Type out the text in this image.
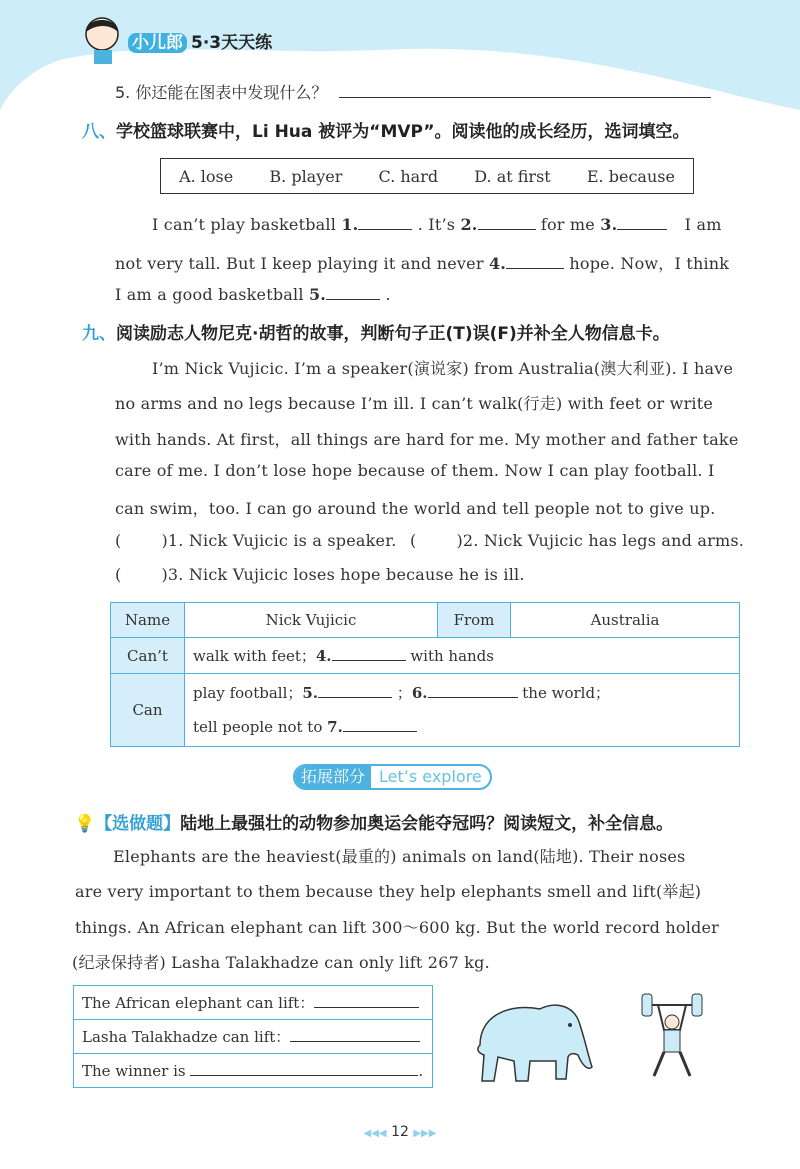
小儿郎 5·3天天练
5. 你还能在图表中发现什么？
八、学校篮球联赛中，Li Hua 被评为“MVP”。阅读他的成长经历，选词填空。
A. lose B. player C. hard D. at first E. because
I can’t play basketball 1.	. It’s 2.	for me 3.	I am
not very tall. But I keep playing it and never 4.	hope. Now，I think
I am a good basketball 5.	.
九、阅读励志人物尼克·胡哲的故事，判断句子正(T)误(F)并补全人物信息卡。
I’m Nick Vujicic. I’m a speaker(演说家) from Australia(澳大利亚). I have
no arms and no legs because I’m ill. I can’t walk(行走) with feet or write
with hands. At first，all things are hard for me. My mother and father take
care of me. I don’t lose hope because of them. Now I can play football. I
can swim，too. I can go around the world and tell people not to give up.
(	)1. Nick Vujicic is a speaker. (	)2. Nick Vujicic has legs and arms.
(	)3. Nick Vujicic loses hope because he is ill.
Name	Nick Vujicic	From	Australia
Can’t	walk with feet；4. with hands		
Can	play football；5. ；6. the world；
tell people not to 7.		
拓展部分 Let’s explore
💡【选做题】陆地上最强壮的动物参加奥运会能夺冠吗？阅读短文，补全信息。
Elephants are the heaviest(最重的) animals on land(陆地). Their noses
are very important to them because they help elephants smell and lift(举起)
things. An African elephant can lift 300～600 kg. But the world record holder
(纪录保持者) Lasha Talakhadze can only lift 267 kg.
The African elephant can lift：
Lasha Talakhadze can lift：
The winner is	.
◀◀◀ 12 ▶▶▶
